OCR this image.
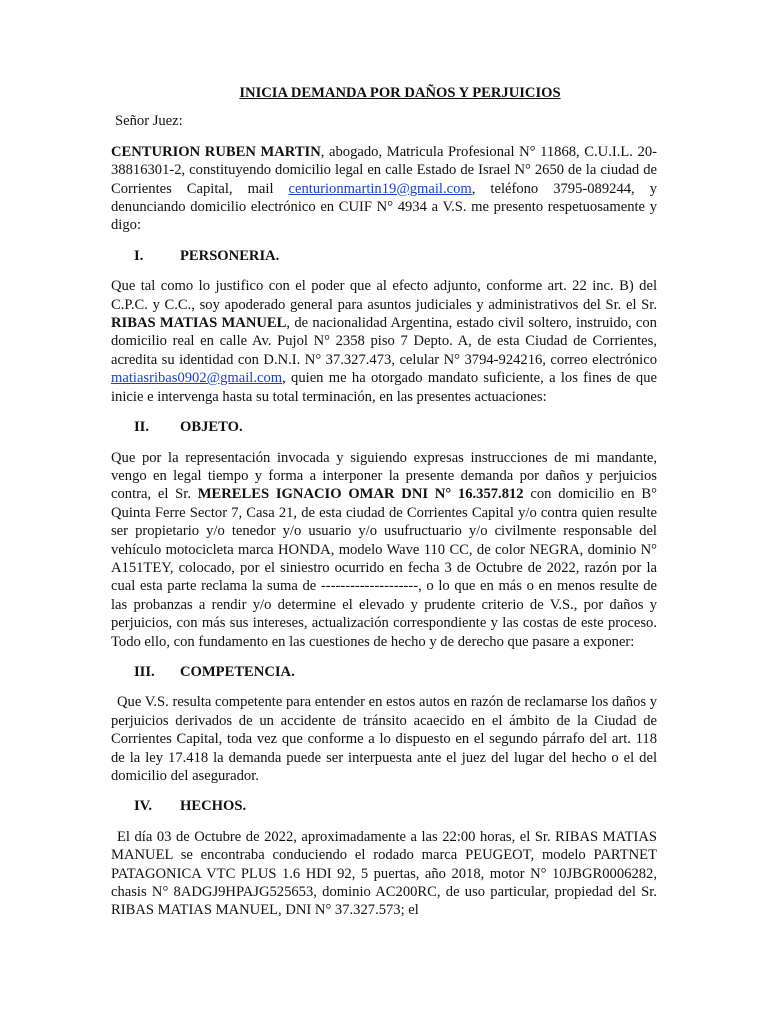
INICIA DEMANDA POR DAÑOS Y PERJUICIOS

Señor Juez:

CENTURION RUBEN MARTIN, abogado, Matricula Profesional N° 11868, C.U.I.L. 20-38816301-2, constituyendo domicilio legal en calle Estado de Israel N° 2650 de la ciudad de Corrientes Capital, mail centurionmartin19@gmail.com, teléfono 3795-089244, y denunciando domicilio electrónico en CUIF N° 4934 a V.S. me presento respetuosamente y digo:

I.	PERSONERIA.

Que tal como lo justifico con el poder que al efecto adjunto, conforme art. 22 inc. B) del C.P.C. y C.C., soy apoderado general para asuntos judiciales y administrativos del Sr. el Sr. RIBAS MATIAS MANUEL, de nacionalidad Argentina, estado civil soltero, instruido, con domicilio real en calle Av. Pujol N° 2358 piso 7 Depto. A, de esta Ciudad de Corrientes, acredita su identidad con D.N.I. N° 37.327.473, celular N° 3794-924216, correo electrónico matiasribas0902@gmail.com, quien me ha otorgado mandato suficiente, a los fines de que inicie e intervenga hasta su total terminación, en las presentes actuaciones:

II.	OBJETO.

Que por la representación invocada y siguiendo expresas instrucciones de mi mandante, vengo en legal tiempo y forma a interponer la presente demanda por daños y perjuicios contra, el Sr. MERELES IGNACIO OMAR DNI N° 16.357.812 con domicilio en B° Quinta Ferre Sector 7, Casa 21, de esta ciudad de Corrientes Capital y/o contra quien resulte ser propietario y/o tenedor y/o usuario y/o usufructuario y/o civilmente responsable del vehículo motocicleta marca HONDA, modelo Wave 110 CC, de color NEGRA, dominio N° A151TEY, colocado, por el siniestro ocurrido en fecha 3 de Octubre de 2022, razón por la cual esta parte reclama la suma de --------------------, o lo que en más o en menos resulte de las probanzas a rendir y/o determine el elevado y prudente criterio de V.S., por daños y perjuicios, con más sus intereses, actualización correspondiente y las costas de este proceso. Todo ello, con fundamento en las cuestiones de hecho y de derecho que pasare a exponer:

III.	COMPETENCIA.

Que V.S. resulta competente para entender en estos autos en razón de reclamarse los daños y perjuicios derivados de un accidente de tránsito acaecido en el ámbito de la Ciudad de Corrientes Capital, toda vez que conforme a lo dispuesto en el segundo párrafo del art. 118 de la ley 17.418 la demanda puede ser interpuesta ante el juez del lugar del hecho o el del domicilio del asegurador.

IV.	HECHOS.

El día 03 de Octubre de 2022, aproximadamente a las 22:00 horas, el Sr. RIBAS MATIAS MANUEL se encontraba conduciendo el rodado marca PEUGEOT, modelo PARTNET PATAGONICA VTC PLUS 1.6 HDI 92, 5 puertas, año 2018, motor N° 10JBGR0006282, chasis N° 8ADGJ9HPAJG525653, dominio AC200RC, de uso particular, propiedad del Sr. RIBAS MATIAS MANUEL, DNI N° 37.327.573; el
